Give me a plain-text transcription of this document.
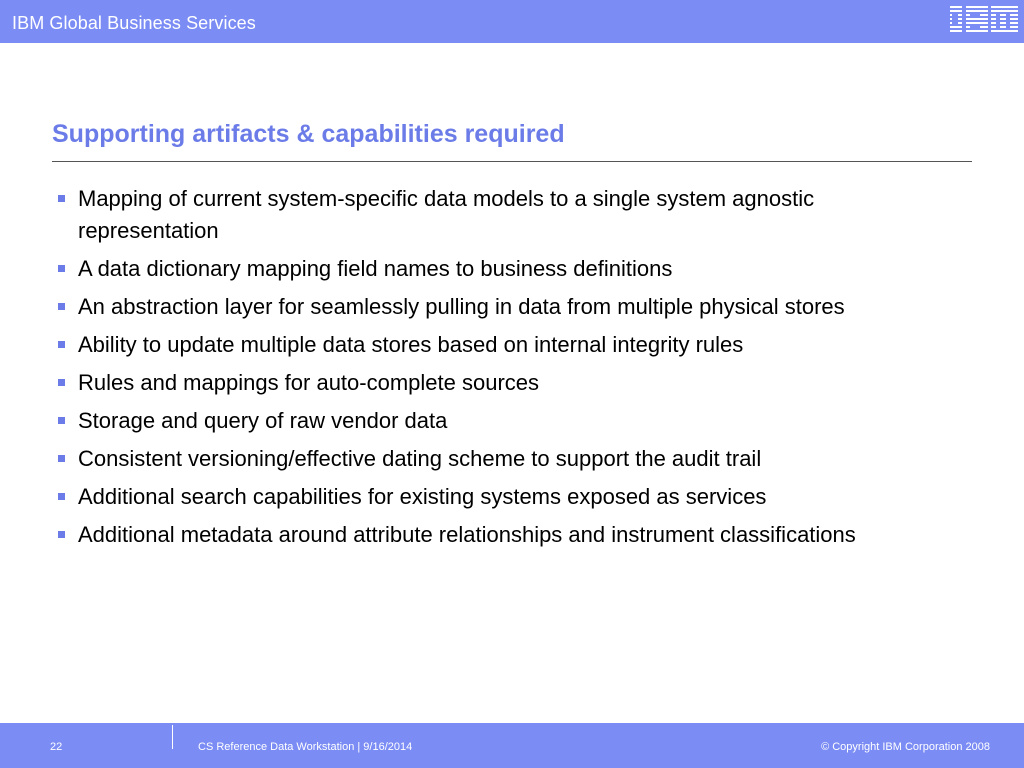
IBM Global Business Services
Supporting artifacts & capabilities required
Mapping of current system-specific data models to a single system agnostic representation
A data dictionary mapping field names to business definitions
An abstraction layer for seamlessly pulling in data from multiple physical stores
Ability to update multiple data stores based on internal integrity rules
Rules and mappings for auto-complete sources
Storage and query of raw vendor data
Consistent versioning/effective dating scheme to support the audit trail
Additional search capabilities for existing systems exposed as services
Additional metadata around attribute relationships and instrument classifications
22	CS Reference Data Workstation | 9/16/2014	© Copyright IBM Corporation 2008
